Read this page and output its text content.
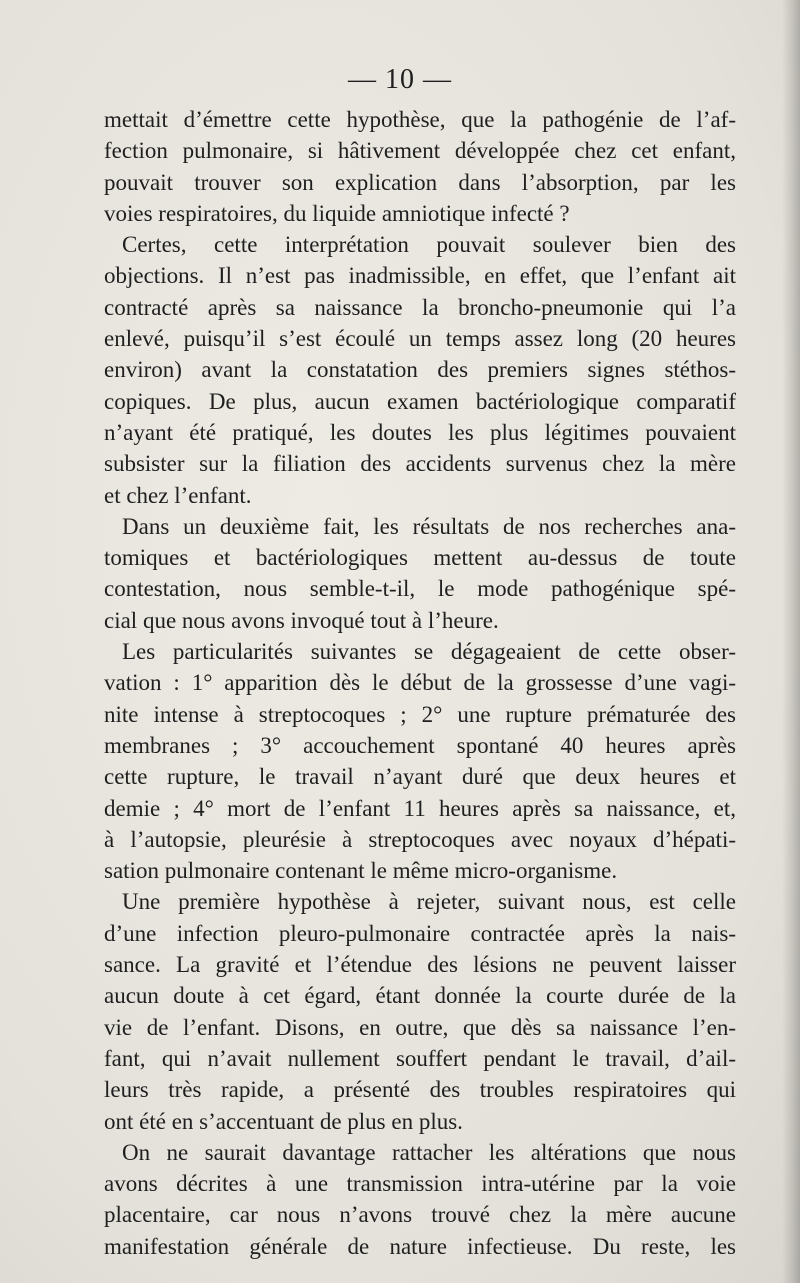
— 10 —
mettait d’émettre cette hypothèse, que la pathogénie de l’af-
fection pulmonaire, si hâtivement développée chez cet enfant,
pouvait trouver son explication dans l’absorption, par les
voies respiratoires, du liquide amniotique infecté ?
Certes, cette interprétation pouvait soulever bien des
objections. Il n’est pas inadmissible, en effet, que l’enfant ait
contracté après sa naissance la broncho-pneumonie qui l’a
enlevé, puisqu’il s’est écoulé un temps assez long (20 heures
environ) avant la constatation des premiers signes stéthos-
copiques. De plus, aucun examen bactériologique comparatif
n’ayant été pratiqué, les doutes les plus légitimes pouvaient
subsister sur la filiation des accidents survenus chez la mère
et chez l’enfant.
Dans un deuxième fait, les résultats de nos recherches ana-
tomiques et bactériologiques mettent au-dessus de toute
contestation, nous semble-t-il, le mode pathogénique spé-
cial que nous avons invoqué tout à l’heure.
Les particularités suivantes se dégageaient de cette obser-
vation : 1° apparition dès le début de la grossesse d’une vagi-
nite intense à streptocoques ; 2° une rupture prématurée des
membranes ; 3° accouchement spontané 40 heures après
cette rupture, le travail n’ayant duré que deux heures et
demie ; 4° mort de l’enfant 11 heures après sa naissance, et,
à l’autopsie, pleurésie à streptocoques avec noyaux d’hépati-
sation pulmonaire contenant le même micro-organisme.
Une première hypothèse à rejeter, suivant nous, est celle
d’une infection pleuro-pulmonaire contractée après la nais-
sance. La gravité et l’étendue des lésions ne peuvent laisser
aucun doute à cet égard, étant donnée la courte durée de la
vie de l’enfant. Disons, en outre, que dès sa naissance l’en-
fant, qui n’avait nullement souffert pendant le travail, d’ail-
leurs très rapide, a présenté des troubles respiratoires qui
ont été en s’accentuant de plus en plus.
On ne saurait davantage rattacher les altérations que nous
avons décrites à une transmission intra-utérine par la voie
placentaire, car nous n’avons trouvé chez la mère aucune
manifestation générale de nature infectieuse. Du reste, les
